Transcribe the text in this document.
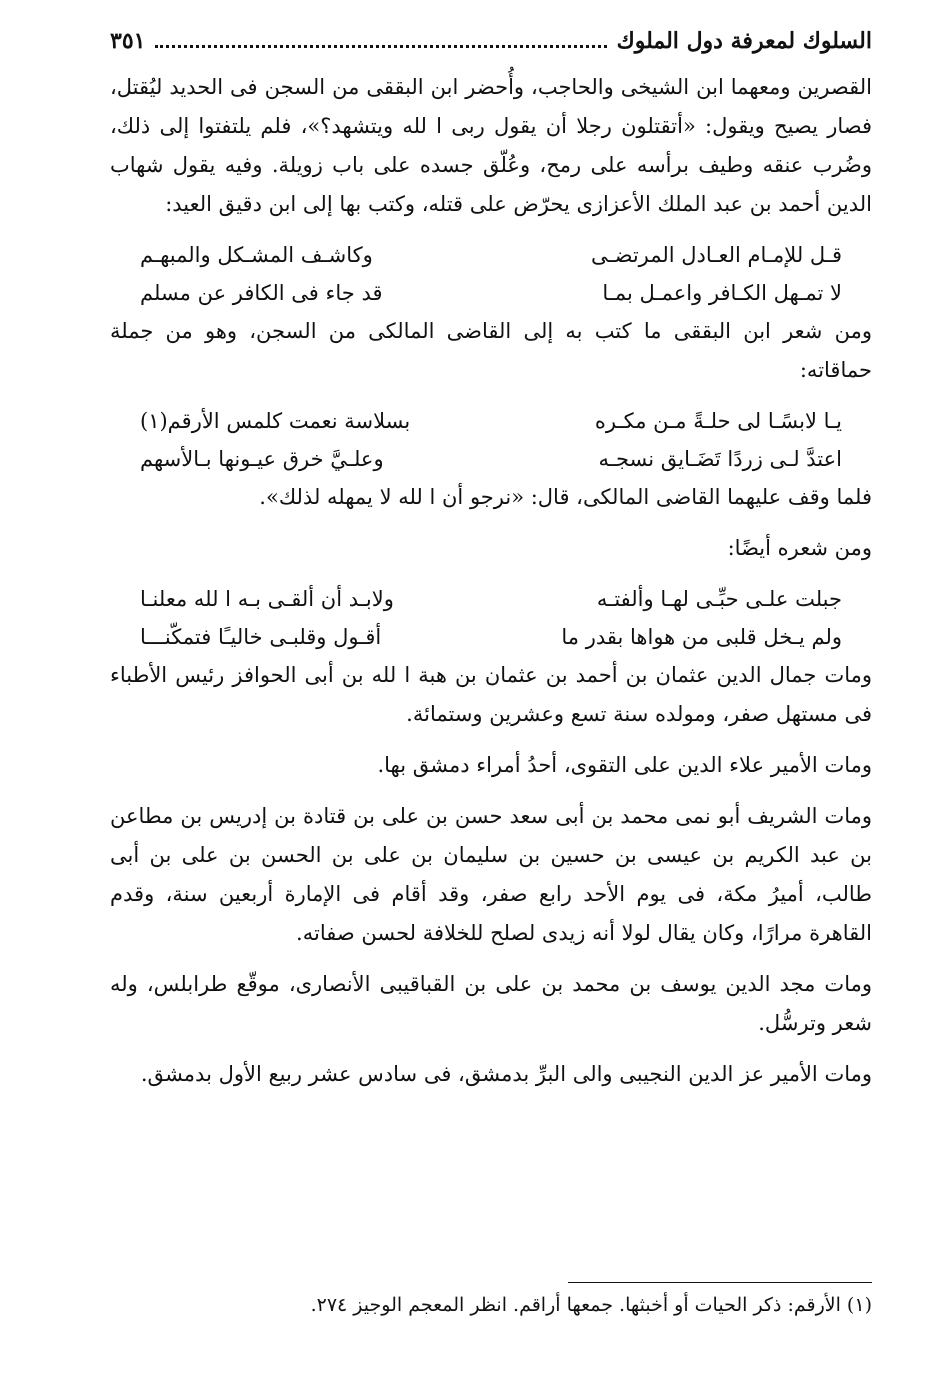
السلوك لمعرفة دول الملوك
٣٥١

القصرين ومعهما ابن الشيخى والحاجب، وأُحضر ابن البققى من السجن فى الحديد ليُقتل، فصار يصيح ويقول: «أتقتلون رجلا أن يقول ربى ا لله ويتشهد؟»، فلم يلتفتوا إلى ذلك، وضُرب عنقه وطيف برأسه على رمح، وعُلّق جسده على باب زويلة. وفيه يقول شهاب الدين أحمد بن عبد الملك الأعزازى يحرّض على قتله، وكتب بها إلى ابن دقيق العيد:

قـل للإمـام العـادل المرتضـى
وكاشـف المشـكل والمبهـم
لا تمـهل الكـافر واعمـل بمـا
قد جاء فى الكافر عن مسلم

ومن شعر ابن البققى ما كتب به إلى القاضى المالكى من السجن، وهو من جملة حماقاته:

يـا لابسًـا لى حلـةً مـن مكـره
بسلاسة نعمت كلمس الأرقم(١)
اعتدَّ لـى زردًا تَضَـايق نسجـه
وعلـيَّ خرق عيـونها بـالأسهم

فلما وقف عليهما القاضى المالكى، قال: «نرجو أن ا لله لا يمهله لذلك».

ومن شعره أيضًا:

جبلت علـى حبِّـى لهـا وألفتـه
ولابـد أن ألقـى بـه ا لله معلنـا
ولم يـخل قلبى من هواها بقدر ما
أقـول وقلبـى خاليـًا فتمكّنـــا

ومات جمال الدين عثمان بن أحمد بن عثمان بن هبة ا لله بن أبى الحوافز رئيس الأطباء فى مستهل صفر، ومولده سنة تسع وعشرين وستمائة.

ومات الأمير علاء الدين على التقوى، أحدُ أمراء دمشق بها.

ومات الشريف أبو نمى محمد بن أبى سعد حسن بن على بن قتادة بن إدريس بن مطاعن بن عبد الكريم بن عيسى بن حسين بن سليمان بن على بن الحسن بن على بن أبى طالب، أميرُ مكة، فى يوم الأحد رابع صفر، وقد أقام فى الإمارة أربعين سنة، وقدم القاهرة مرارًا، وكان يقال لولا أنه زيدى لصلح للخلافة لحسن صفاته.

ومات مجد الدين يوسف بن محمد بن على بن القباقيبى الأنصارى، موقّع طرابلس، وله شعر وترسُّل.

ومات الأمير عز الدين النجيبى والى البرِّ بدمشق، فى سادس عشر ربيع الأول بدمشق.

(١) الأرقم: ذكر الحيات أو أخبثها. جمعها أراقم. انظر المعجم الوجيز ٢٧٤.
